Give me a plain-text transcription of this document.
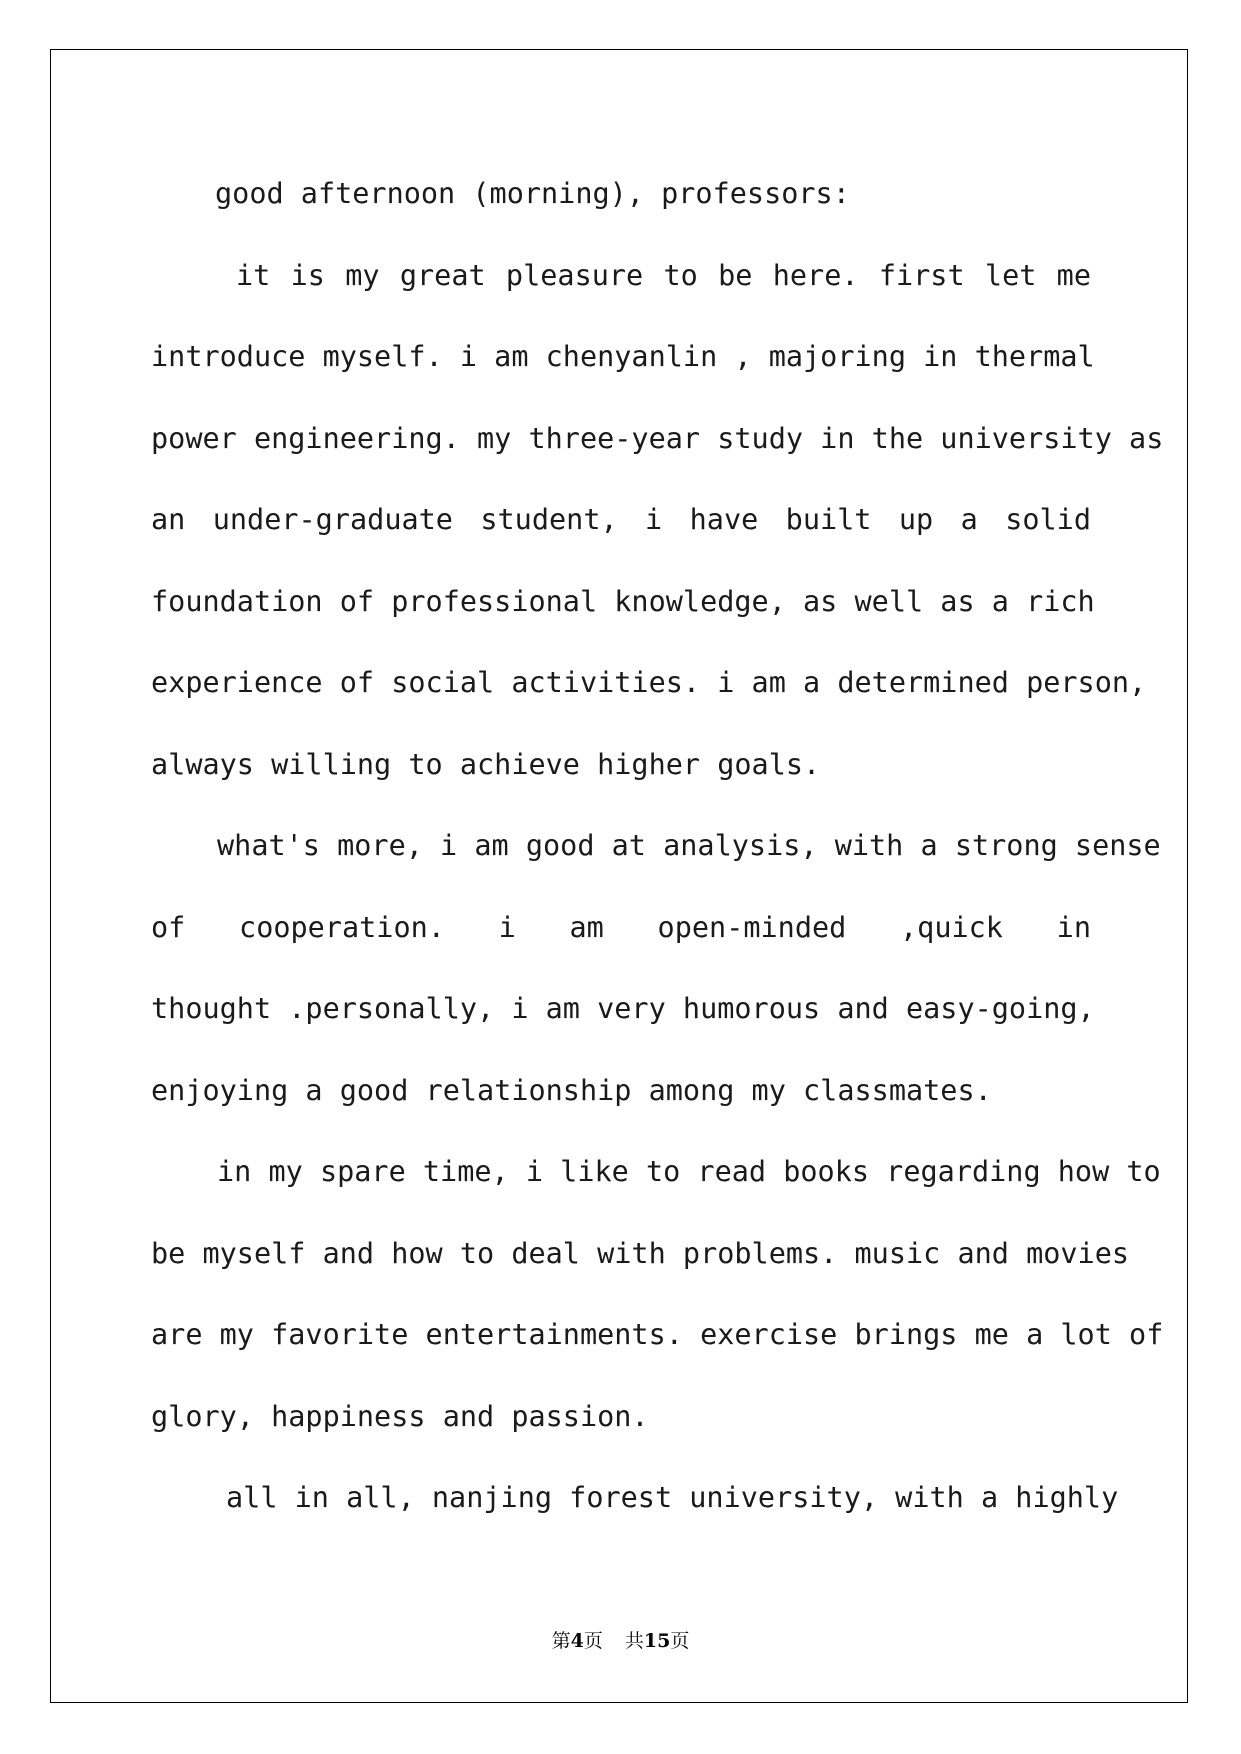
good afternoon (morning), professors:
it is my great pleasure to be here. first let me
introduce myself. i am chenyanlin , majoring in thermal
power engineering. my three-year study in the university as
an under-graduate student, i have built up a solid
foundation of professional knowledge, as well as a rich
experience of social activities. i am a determined person,
always willing to achieve higher goals.
what's more, i am good at analysis, with a strong sense
of cooperation. i am open-minded ,quick in
thought .personally, i am very humorous and easy-going,
enjoying a good relationship among my classmates.
in my spare time, i like to read books regarding how to
be myself and how to deal with problems. music and movies
are my favorite entertainments. exercise brings me a lot of
glory, happiness and passion.
all in all, nanjing forest university, with a highly
第4页 共15页
